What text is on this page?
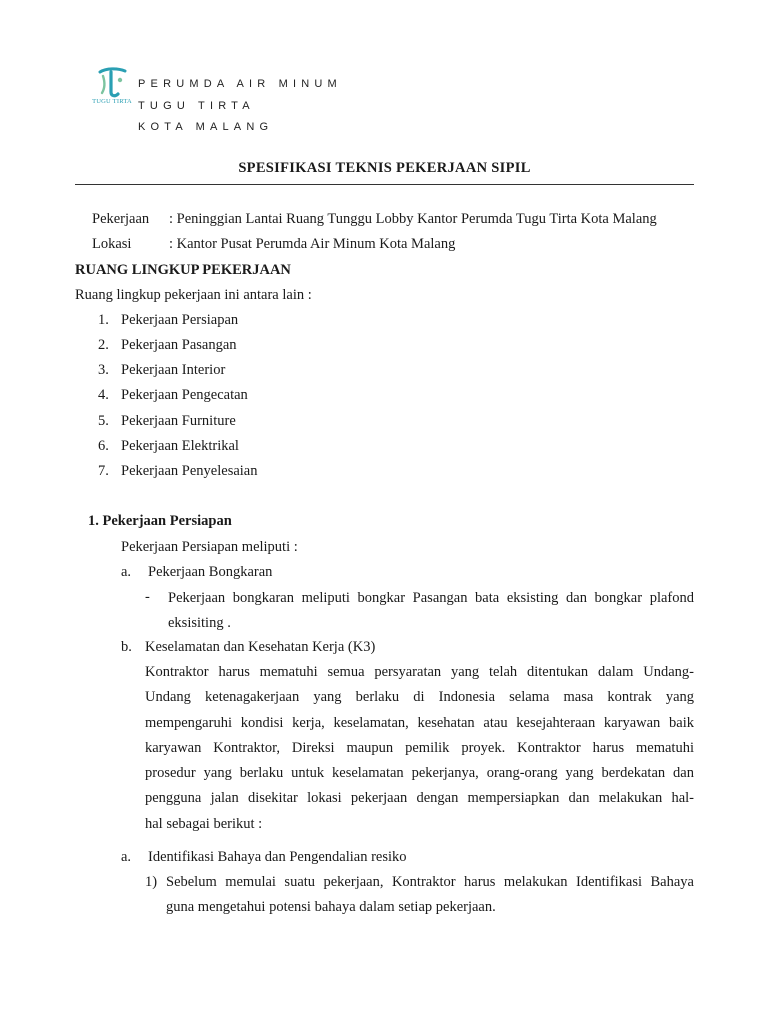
TUGU TIRTA
PERUMDA AIR MINUM
TUGU TIRTA
KOTA MALANG
SPESIFIKASI TEKNIS PEKERJAAN SIPIL
Pekerjaan : Peninggian Lantai Ruang Tunggu Lobby Kantor Perumda Tugu Tirta Kota Malang
Lokasi	: Kantor Pusat Perumda Air Minum Kota Malang
RUANG LINGKUP PEKERJAAN
Ruang lingkup pekerjaan ini antara lain :
1. Pekerjaan Persiapan
2. Pekerjaan Pasangan
3. Pekerjaan Interior
4. Pekerjaan Pengecatan
5. Pekerjaan Furniture
6. Pekerjaan Elektrikal
7. Pekerjaan Penyelesaian
1. Pekerjaan Persiapan
Pekerjaan Persiapan meliputi :
a. Pekerjaan Bongkaran
- Pekerjaan bongkaran meliputi bongkar Pasangan bata eksisting dan bongkar plafond
eksisiting .
b. Keselamatan dan Kesehatan Kerja (K3)
Kontraktor harus mematuhi semua persyaratan yang telah ditentukan dalam Undang-
Undang ketenagakerjaan yang berlaku di Indonesia selama masa kontrak yang
mempengaruhi kondisi kerja, keselamatan, kesehatan atau kesejahteraan karyawan baik
karyawan Kontraktor, Direksi maupun pemilik proyek. Kontraktor harus mematuhi
prosedur yang berlaku untuk keselamatan pekerjanya, orang-orang yang berdekatan dan
pengguna jalan disekitar lokasi pekerjaan dengan mempersiapkan dan melakukan hal-
hal sebagai berikut :
a. Identifikasi Bahaya dan Pengendalian resiko
1) Sebelum memulai suatu pekerjaan, Kontraktor harus melakukan Identifikasi Bahaya
guna mengetahui potensi bahaya dalam setiap pekerjaan.
